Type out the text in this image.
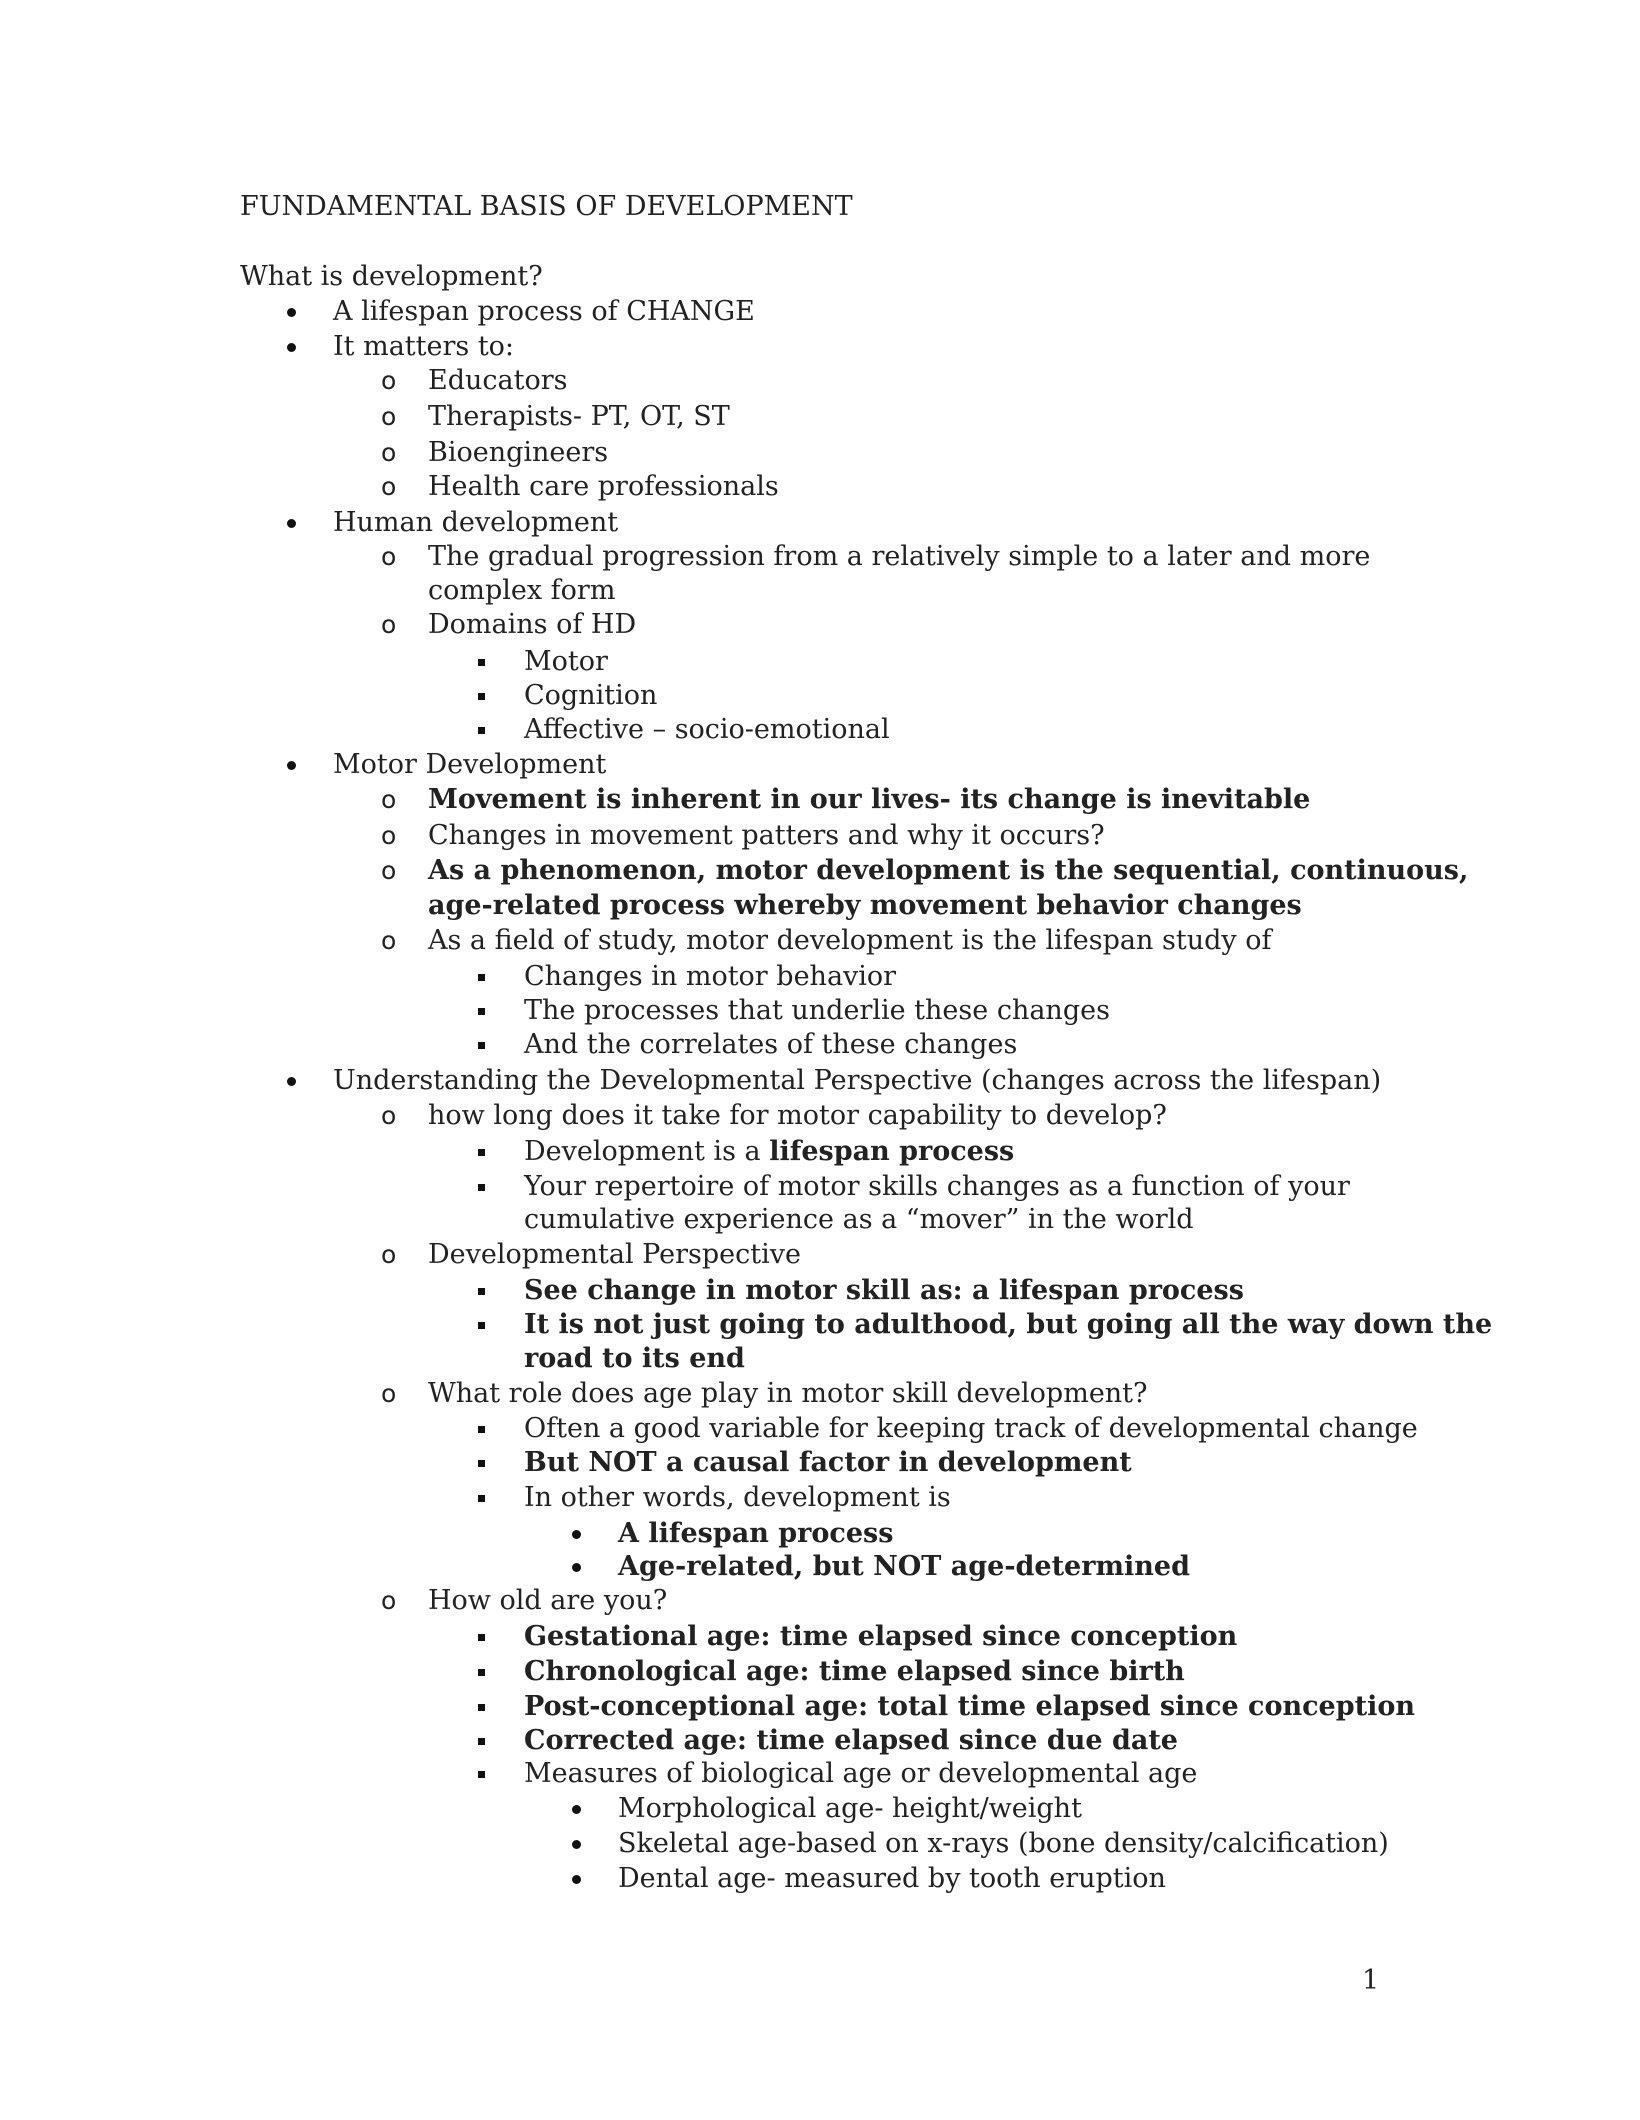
FUNDAMENTAL BASIS OF DEVELOPMENT
What is development?
A lifespan process of CHANGE
It matters to:
o Educators
o Therapists- PT, OT, ST
o Bioengineers
o Health care professionals
Human development
o The gradual progression from a relatively simple to a later and more
complex form
o Domains of HD
Motor
Cognition
Affective – socio-emotional
Motor Development
o Movement is inherent in our lives- its change is inevitable
o Changes in movement patters and why it occurs?
o As a phenomenon, motor development is the sequential, continuous,
age-related process whereby movement behavior changes
o As a field of study, motor development is the lifespan study of
Changes in motor behavior
The processes that underlie these changes
And the correlates of these changes
Understanding the Developmental Perspective (changes across the lifespan)
o how long does it take for motor capability to develop?
Development is a lifespan process
Your repertoire of motor skills changes as a function of your
cumulative experience as a “mover” in the world
o Developmental Perspective
See change in motor skill as: a lifespan process
It is not just going to adulthood, but going all the way down the
road to its end
o What role does age play in motor skill development?
Often a good variable for keeping track of developmental change
But NOT a causal factor in development
In other words, development is
A lifespan process
Age-related, but NOT age-determined
o How old are you?
Gestational age: time elapsed since conception
Chronological age: time elapsed since birth
Post-conceptional age: total time elapsed since conception
Corrected age: time elapsed since due date
Measures of biological age or developmental age
Morphological age- height/weight
Skeletal age-based on x-rays (bone density/calcification)
Dental age- measured by tooth eruption
1
